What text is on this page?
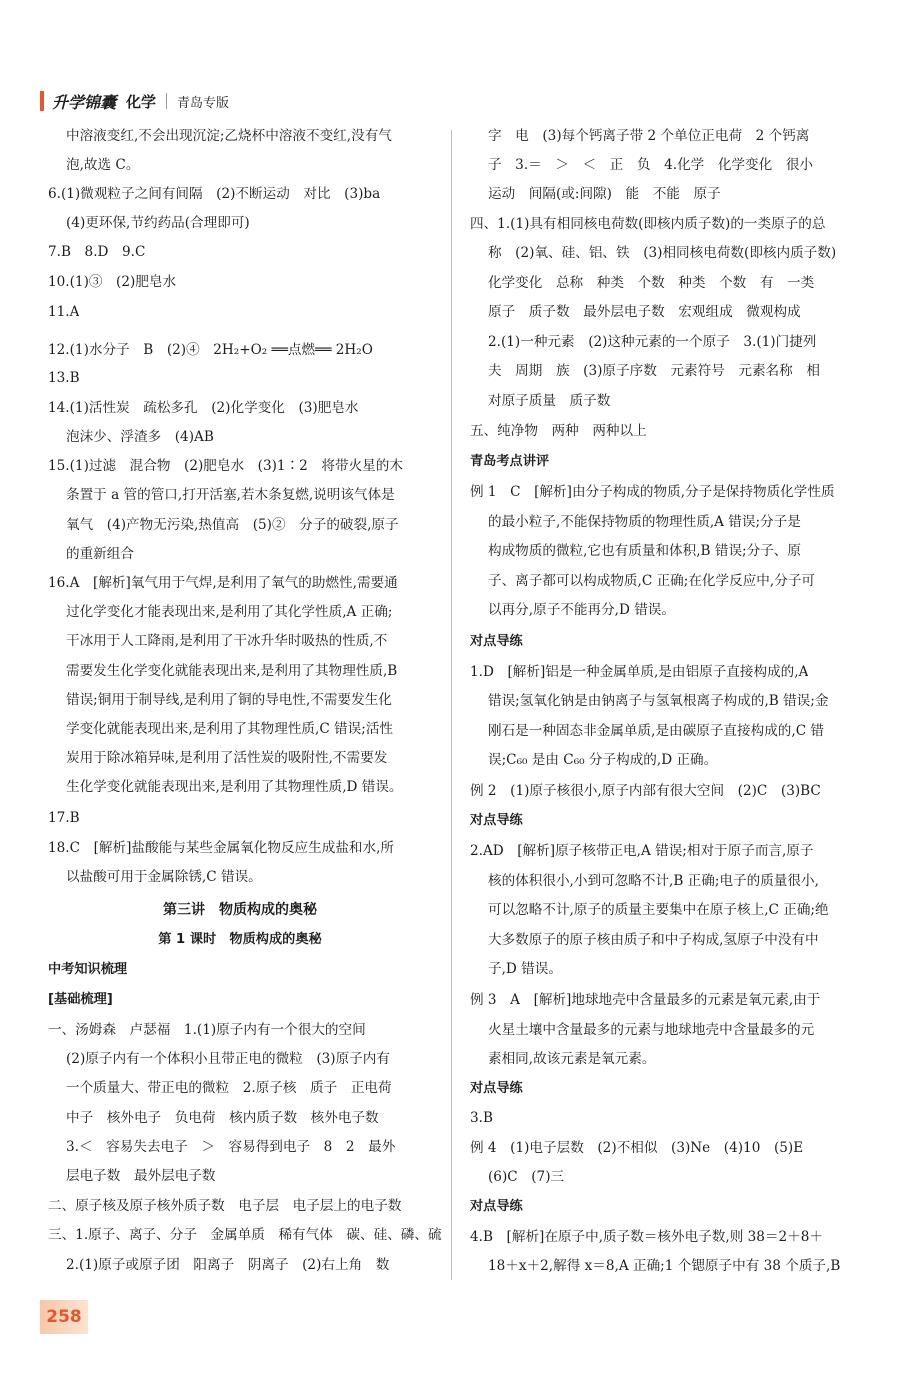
升学锦囊 化学 青岛专版
中溶液变红,不会出现沉淀;乙烧杯中溶液不变红,没有气
泡,故选 C。
6.(1)微观粒子之间有间隔　(2)不断运动　对比　(3)ba
(4)更环保,节约药品(合理即可)
7.B　8.D　9.C
10.(1)③　(2)肥皂水
11.A
12.(1)水分子　B　(2)④　2H₂+O₂ ══点燃══ 2H₂O
13.B
14.(1)活性炭　疏松多孔　(2)化学变化　(3)肥皂水
泡沫少、浮渣多　(4)AB
15.(1)过滤　混合物　(2)肥皂水　(3)1∶2　将带火星的木
条置于 a 管的管口,打开活塞,若木条复燃,说明该气体是
氧气　(4)产物无污染,热值高　(5)②　分子的破裂,原子
的重新组合
16.A　[解析]氧气用于气焊,是利用了氧气的助燃性,需要通
过化学变化才能表现出来,是利用了其化学性质,A 正确;
干冰用于人工降雨,是利用了干冰升华时吸热的性质,不
需要发生化学变化就能表现出来,是利用了其物理性质,B
错误;铜用于制导线,是利用了铜的导电性,不需要发生化
学变化就能表现出来,是利用了其物理性质,C 错误;活性
炭用于除冰箱异味,是利用了活性炭的吸附性,不需要发
生化学变化就能表现出来,是利用了其物理性质,D 错误。
17.B
18.C　[解析]盐酸能与某些金属氧化物反应生成盐和水,所
以盐酸可用于金属除锈,C 错误。
第三讲　物质构成的奥秘
第 1 课时　物质构成的奥秘
中考知识梳理
[基础梳理]
一、汤姆森　卢瑟福　1.(1)原子内有一个很大的空间
(2)原子内有一个体积小且带正电的微粒　(3)原子内有
一个质量大、带正电的微粒　2.原子核　质子　正电荷
中子　核外电子　负电荷　核内质子数　核外电子数
3.＜　容易失去电子　＞　容易得到电子　8　2　最外
层电子数　最外层电子数
二、原子核及原子核外质子数　电子层　电子层上的电子数
三、1.原子、离子、分子　金属单质　稀有气体　碳、硅、磷、硫
2.(1)原子或原子团　阳离子　阴离子　(2)右上角　数
字　电　(3)每个钙离子带 2 个单位正电荷　2 个钙离
子　3.＝　＞　＜　正　负　4.化学　化学变化　很小
运动　间隔(或:间隙)　能　不能　原子
四、1.(1)具有相同核电荷数(即核内质子数)的一类原子的总
称　(2)氧、硅、铝、铁　(3)相同核电荷数(即核内质子数)
化学变化　总称　种类　个数　种类　个数　有　一类
原子　质子数　最外层电子数　宏观组成　微观构成
2.(1)一种元素　(2)这种元素的一个原子　3.(1)门捷列
夫　周期　族　(3)原子序数　元素符号　元素名称　相
对原子质量　质子数
五、纯净物　两种　两种以上
青岛考点讲评
例 1　C　[解析]由分子构成的物质,分子是保持物质化学性质
的最小粒子,不能保持物质的物理性质,A 错误;分子是
构成物质的微粒,它也有质量和体积,B 错误;分子、原
子、离子都可以构成物质,C 正确;在化学反应中,分子可
以再分,原子不能再分,D 错误。
对点导练
1.D　[解析]铝是一种金属单质,是由铝原子直接构成的,A
错误;氢氧化钠是由钠离子与氢氧根离子构成的,B 错误;金
刚石是一种固态非金属单质,是由碳原子直接构成的,C 错
误;C₆₀ 是由 C₆₀ 分子构成的,D 正确。
例 2　(1)原子核很小,原子内部有很大空间　(2)C　(3)BC
对点导练
2.AD　[解析]原子核带正电,A 错误;相对于原子而言,原子
核的体积很小,小到可忽略不计,B 正确;电子的质量很小,
可以忽略不计,原子的质量主要集中在原子核上,C 正确;绝
大多数原子的原子核由质子和中子构成,氢原子中没有中
子,D 错误。
例 3　A　[解析]地球地壳中含量最多的元素是氧元素,由于
火星土壤中含量最多的元素与地球地壳中含量最多的元
素相同,故该元素是氧元素。
对点导练
3.B
例 4　(1)电子层数　(2)不相似　(3)Ne　(4)10　(5)E
(6)C　(7)三
对点导练
4.B　[解析]在原子中,质子数＝核外电子数,则 38＝2＋8＋
18＋x＋2,解得 x＝8,A 正确;1 个锶原子中有 38 个质子,B
258
